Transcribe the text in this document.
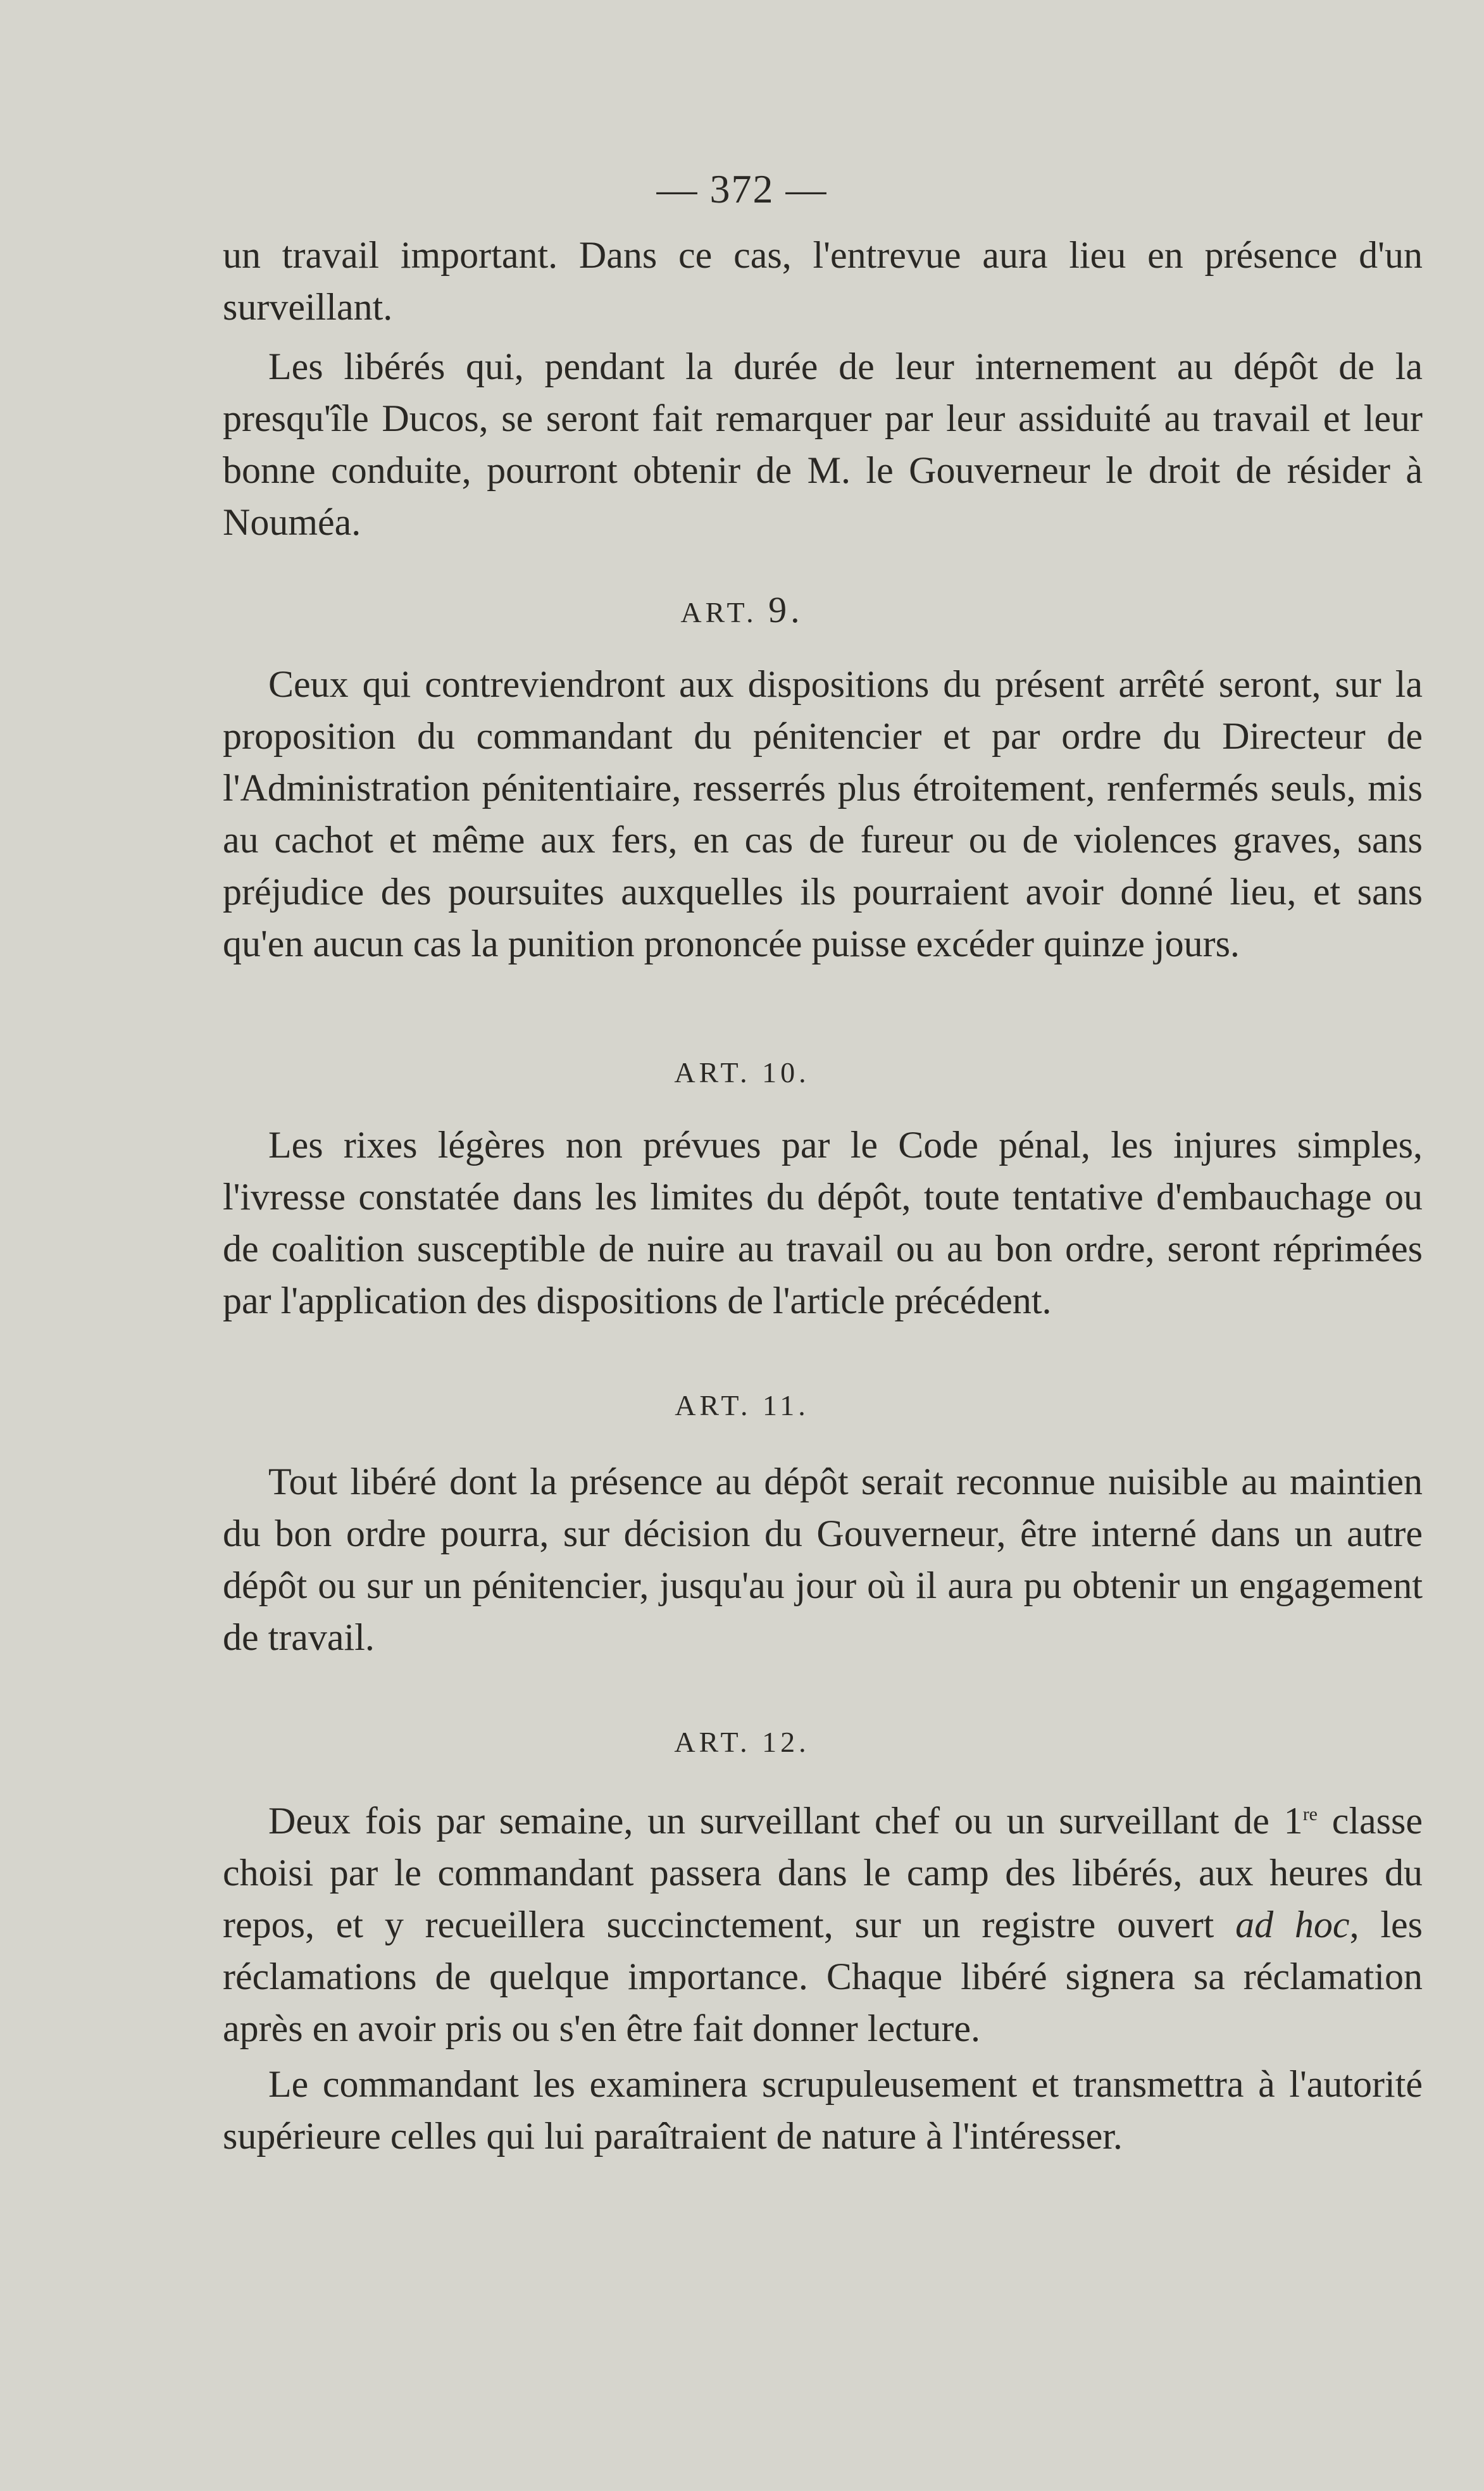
— 372 —

un travail important. Dans ce cas, l'entrevue aura lieu en présence d'un surveillant.

Les libérés qui, pendant la durée de leur internement au dépôt de la presqu'île Ducos, se seront fait remarquer par leur assiduité au travail et leur bonne conduite, pourront obtenir de M. le Gouverneur le droit de résider à Nouméa.

ART. 9.

Ceux qui contreviendront aux dispositions du présent arrêté seront, sur la proposition du commandant du pénitencier et par ordre du Directeur de l'Administration pénitentiaire, resserrés plus étroitement, renfermés seuls, mis au cachot et même aux fers, en cas de fureur ou de violences graves, sans préjudice des poursuites auxquelles ils pourraient avoir donné lieu, et sans qu'en aucun cas la punition prononcée puisse excéder quinze jours.

ART. 10.

Les rixes légères non prévues par le Code pénal, les injures simples, l'ivresse constatée dans les limites du dépôt, toute tentative d'embauchage ou de coalition susceptible de nuire au travail ou au bon ordre, seront réprimées par l'application des dispositions de l'article précédent.

ART. 11.

Tout libéré dont la présence au dépôt serait reconnue nuisible au maintien du bon ordre pourra, sur décision du Gouverneur, être interné dans un autre dépôt ou sur un pénitencier, jusqu'au jour où il aura pu obtenir un engagement de travail.

ART. 12.

Deux fois par semaine, un surveillant chef ou un surveillant de 1re classe choisi par le commandant passera dans le camp des libérés, aux heures du repos, et y recueillera succinctement, sur un registre ouvert ad hoc, les réclamations de quelque importance. Chaque libéré signera sa réclamation après en avoir pris ou s'en être fait donner lecture.

Le commandant les examinera scrupuleusement et transmettra à l'autorité supérieure celles qui lui paraîtraient de nature à l'intéresser.
